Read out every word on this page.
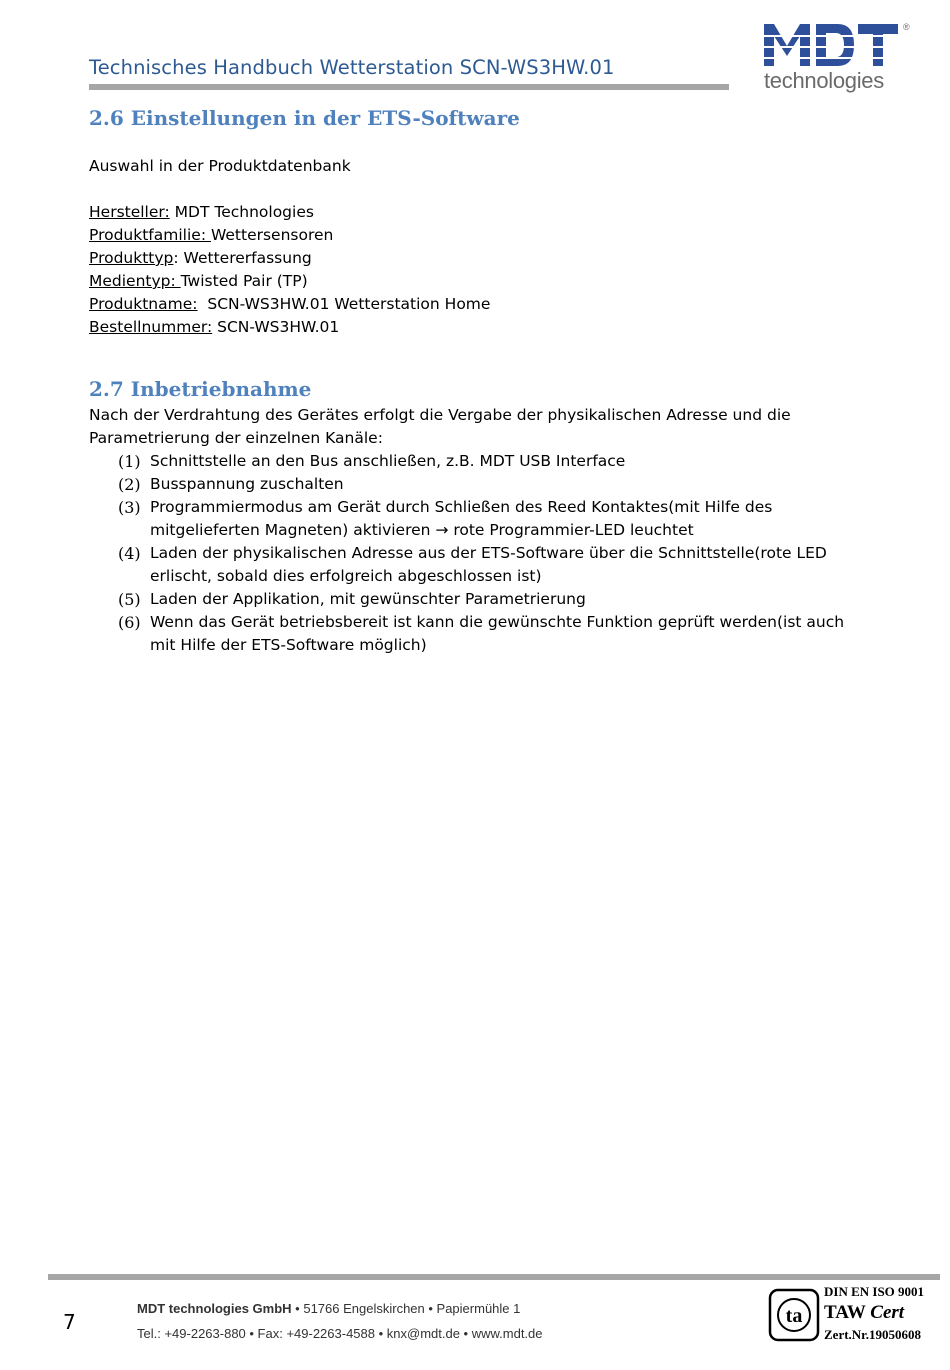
Technisches Handbuch Wetterstation SCN-WS3HW.01
®
technologies
2.6 Einstellungen in der ETS-Software
Auswahl in der Produktdatenbank
Hersteller: MDT Technologies
Produktfamilie: Wettersensoren
Produkttyp: Wettererfassung
Medientyp: Twisted Pair (TP)
Produktname:  SCN-WS3HW.01 Wetterstation Home
Bestellnummer: SCN-WS3HW.01
2.7 Inbetriebnahme
Nach der Verdrahtung des Gerätes erfolgt die Vergabe der physikalischen Adresse und die
Parametrierung der einzelnen Kanäle:
(1) Schnittstelle an den Bus anschließen, z.B. MDT USB Interface
(2) Busspannung zuschalten
(3) Programmiermodus am Gerät durch Schließen des Reed Kontaktes(mit Hilfe des mitgelieferten Magneten) aktivieren → rote Programmier-LED leuchtet
(4) Laden der physikalischen Adresse aus der ETS-Software über die Schnittstelle(rote LED erlischt, sobald dies erfolgreich abgeschlossen ist)
(5) Laden der Applikation, mit gewünschter Parametrierung
(6) Wenn das Gerät betriebsbereit ist kann die gewünschte Funktion geprüft werden(ist auch mit Hilfe der ETS-Software möglich)
7
MDT technologies GmbH • 51766 Engelskirchen • Papiermühle 1
Tel.: +49-2263-880 • Fax: +49-2263-4588 • knx@mdt.de • www.mdt.de
ta
DIN EN ISO 9001
TAW Cert
Zert.Nr.19050608
